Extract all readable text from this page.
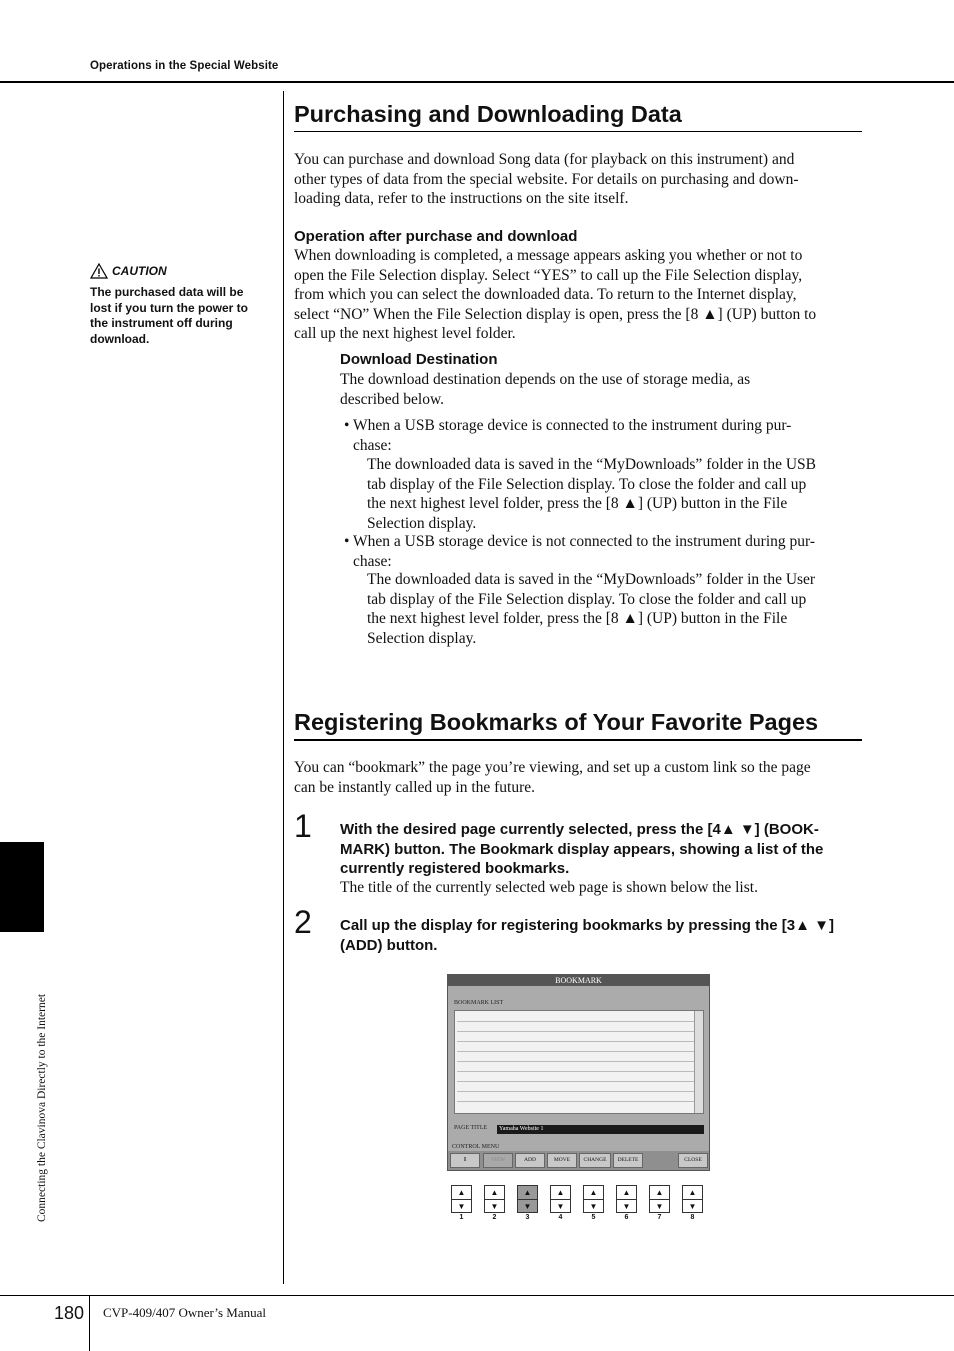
Operations in the Special Website
CAUTION
The purchased data will be lost if you turn the power to the instrument off during download.
Connecting the Clavinova Directly to the Internet
Purchasing and Downloading Data
You can purchase and download Song data (for playback on this instrument) and
other types of data from the special website. For details on purchasing and down-
loading data, refer to the instructions on the site itself.
Operation after purchase and download
When downloading is completed, a message appears asking you whether or not to
open the File Selection display. Select “YES” to call up the File Selection display,
from which you can select the downloaded data. To return to the Internet display,
select “NO” When the File Selection display is open, press the [8 ▲] (UP) button to
call up the next highest level folder.
Download Destination
The download destination depends on the use of storage media, as
described below.
• When a USB storage device is connected to the instrument during pur-
chase:
The downloaded data is saved in the “MyDownloads” folder in the USB
tab display of the File Selection display. To close the folder and call up
the next highest level folder, press the [8 ▲] (UP) button in the File
Selection display.
• When a USB storage device is not connected to the instrument during pur-
chase:
The downloaded data is saved in the “MyDownloads” folder in the User
tab display of the File Selection display. To close the folder and call up
the next highest level folder, press the [8 ▲] (UP) button in the File
Selection display.
Registering Bookmarks of Your Favorite Pages
You can “bookmark” the page you’re viewing, and set up a custom link so the page
can be instantly called up in the future.
1 With the desired page currently selected, press the [4▲ ▼] (BOOK-
MARK) button. The Bookmark display appears, showing a list of the
currently registered bookmarks.
The title of the currently selected web page is shown below the list.
2 Call up the display for registering bookmarks by pressing the [3▲ ▼]
(ADD) button.
BOOKMARK
BOOKMARK LIST
PAGE TITLE	Yamaha Website 1
CONTROL MENU
⇕	VIEW	ADD	MOVE	CHANGE	DELETE	CLOSE
▲
▼
▲
▼
▲
▼
▲
▼
▲
▼
▲
▼
▲
▼
▲
▼
1	2	3	4	5	6	7	8
180 CVP-409/407 Owner’s Manual
